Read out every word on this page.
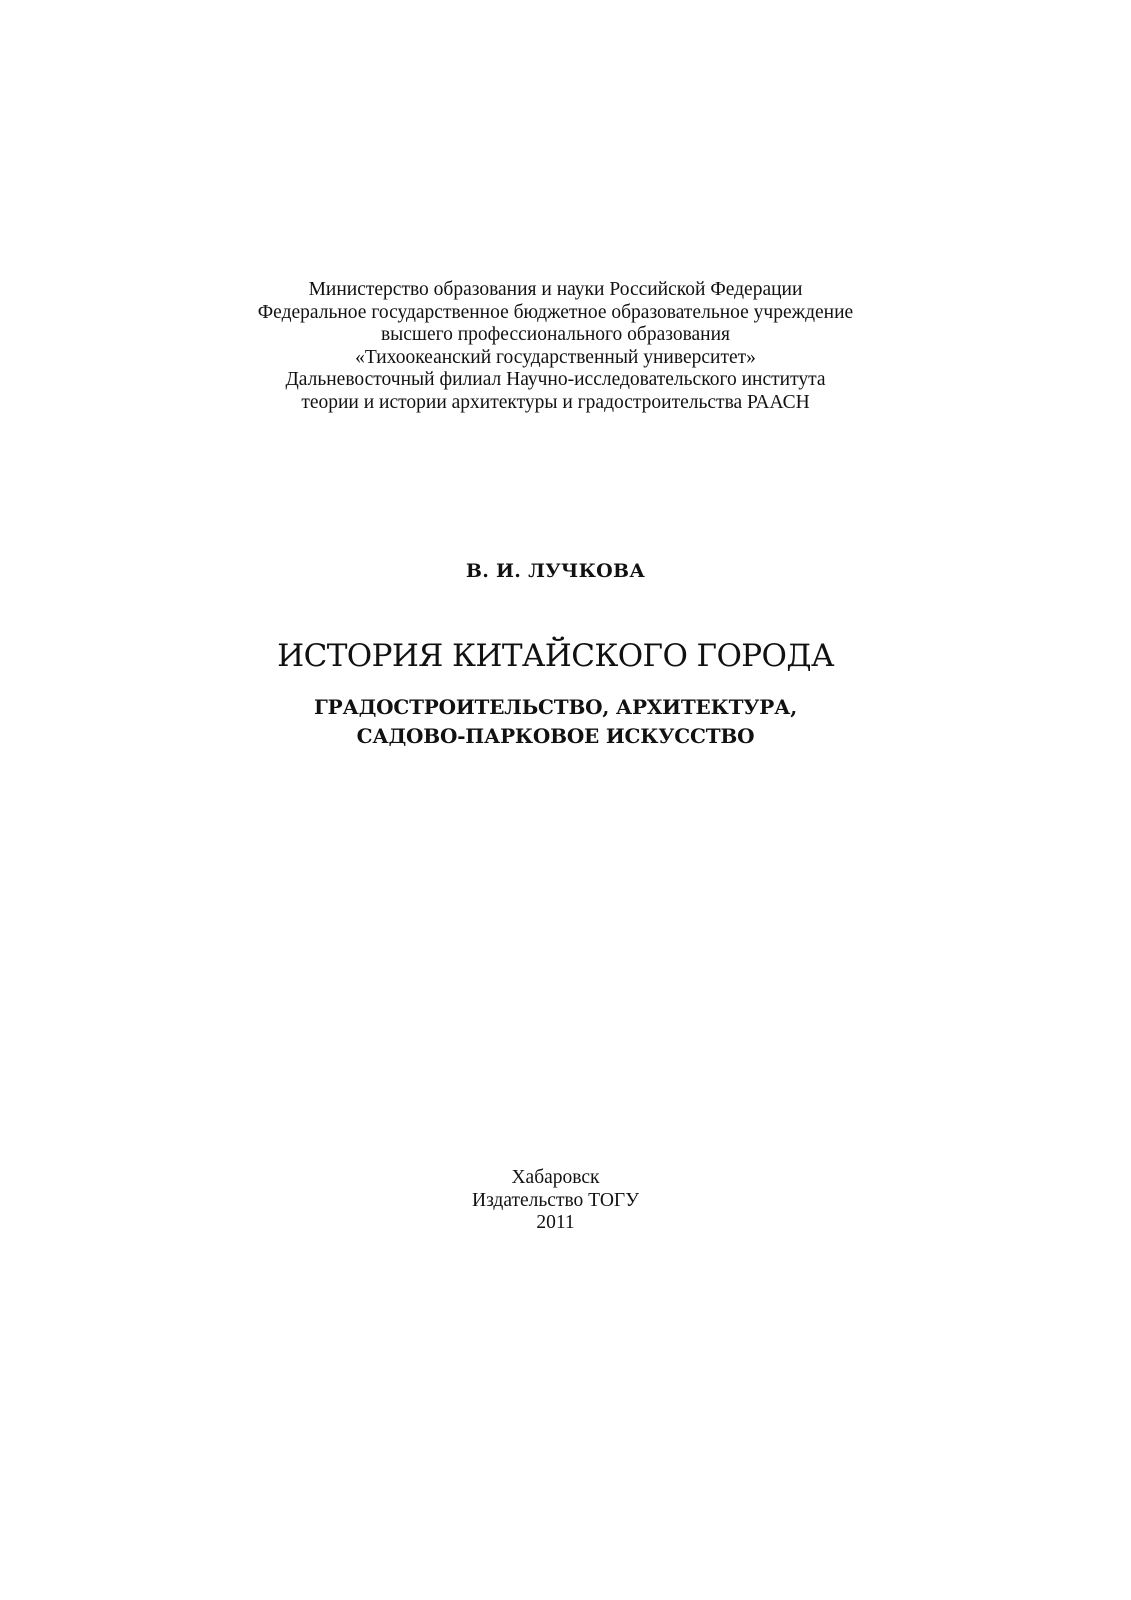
Министерство образования и науки Российской Федерации
Федеральное государственное бюджетное образовательное учреждение
высшего профессионального образования
«Тихоокеанский государственный университет»
Дальневосточный филиал Научно-исследовательского института
теории и истории архитектуры и градостроительства РААСН
В. И. ЛУЧКОВА
ИСТОРИЯ КИТАЙСКОГО ГОРОДА
ГРАДОСТРОИТЕЛЬСТВО, АРХИТЕКТУРА,
САДОВО-ПАРКОВОЕ ИСКУССТВО
Хабаровск
Издательство ТОГУ
2011
